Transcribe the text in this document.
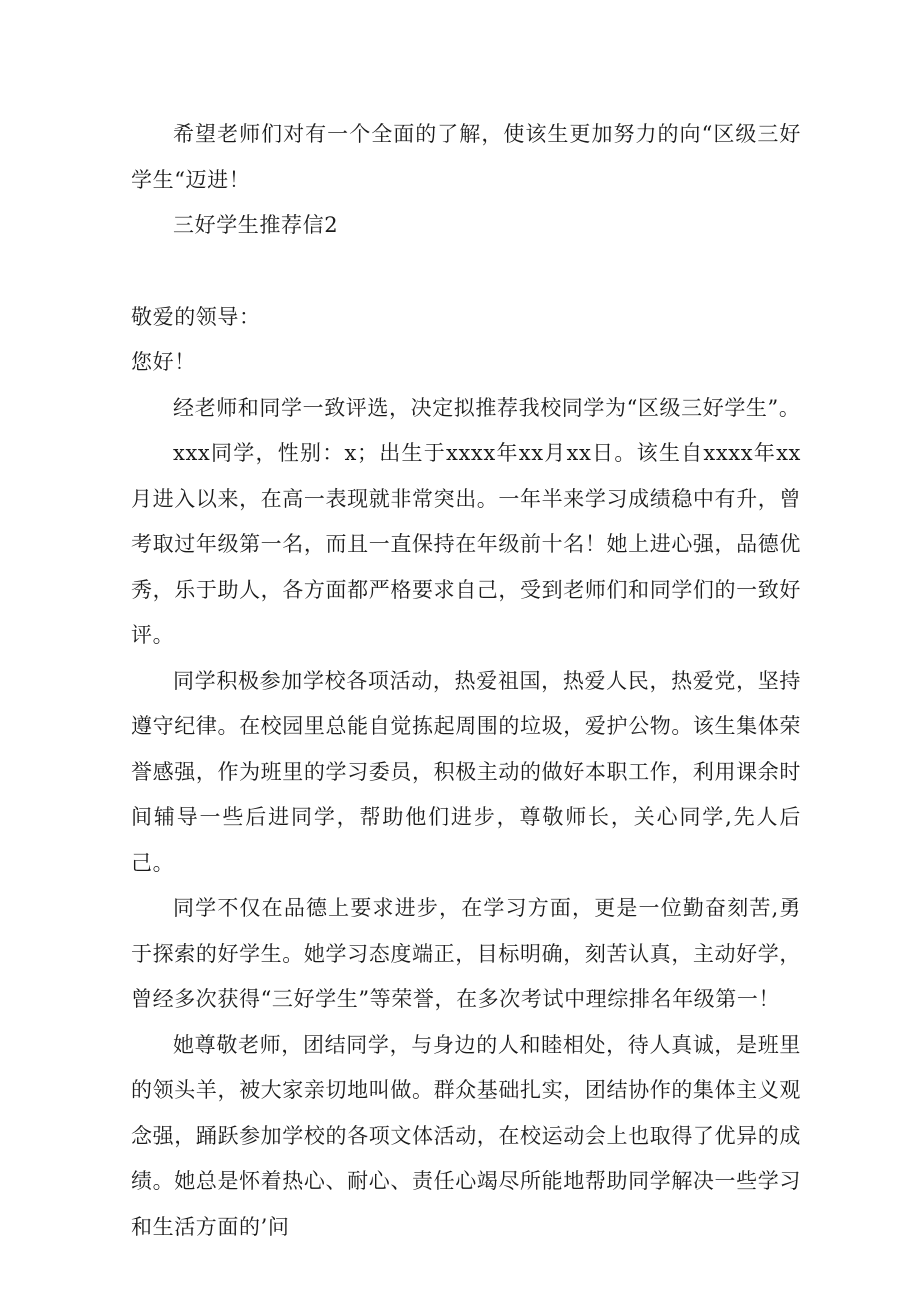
希望老师们对有一个全面的了解，使该生更加努力的向“区级三好学生“迈进！

三好学生推荐信2

敬爱的领导：

您好！

经老师和同学一致评选，决定拟推荐我校同学为“区级三好学生”。

xxx同学，性别：x；出生于xxxx年xx月xx日。该生自xxxx年xx月进入以来，在高一表现就非常突出。一年半来学习成绩稳中有升，曾考取过年级第一名，而且一直保持在年级前十名！她上进心强，品德优秀，乐于助人，各方面都严格要求自己，受到老师们和同学们的一致好评。

同学积极参加学校各项活动，热爱祖国，热爱人民，热爱党，坚持遵守纪律。在校园里总能自觉拣起周围的垃圾，爱护公物。该生集体荣誉感强，作为班里的学习委员，积极主动的做好本职工作，利用课余时间辅导一些后进同学，帮助他们进步，尊敬师长，关心同学,先人后己。

同学不仅在品德上要求进步，在学习方面，更是一位勤奋刻苦,勇于探索的好学生。她学习态度端正，目标明确，刻苦认真，主动好学，曾经多次获得“三好学生”等荣誉，在多次考试中理综排名年级第一！

她尊敬老师，团结同学，与身边的人和睦相处，待人真诚，是班里的领头羊，被大家亲切地叫做。群众基础扎实，团结协作的集体主义观念强，踊跃参加学校的各项文体活动，在校运动会上也取得了优异的成绩。她总是怀着热心、耐心、责任心竭尽所能地帮助同学解决一些学习和生活方面的’问
